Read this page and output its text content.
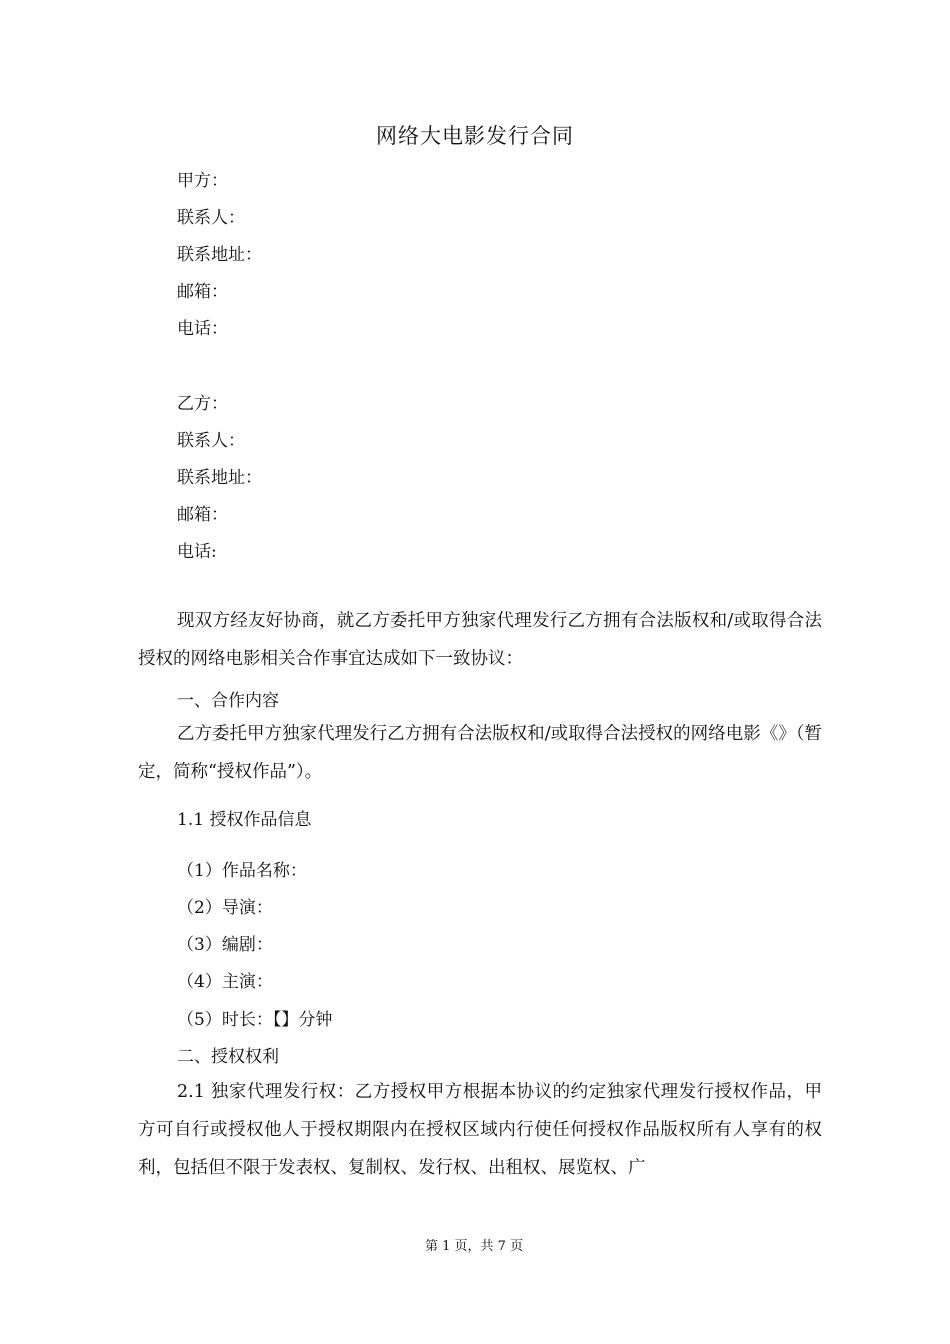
网络大电影发行合同
甲方：
联系人：
联系地址：
邮箱：
电话：
乙方：
联系人：
联系地址：
邮箱：
电话:
现双方经友好协商，就乙方委托甲方独家代理发行乙方拥有合法版权和/或取得合法授权的网络电影相关合作事宜达成如下一致协议：
一、合作内容
乙方委托甲方独家代理发行乙方拥有合法版权和/或取得合法授权的网络电影《》（暂定，简称“授权作品”）。
1.1 授权作品信息
（1）作品名称：
（2）导演：
（3）编剧：
（4）主演：
（5）时长：【】分钟
二、授权权利
2.1 独家代理发行权：乙方授权甲方根据本协议的约定独家代理发行授权作品，甲方可自行或授权他人于授权期限内在授权区域内行使任何授权作品版权所有人享有的权利，包括但不限于发表权、复制权、发行权、出租权、展览权、广
第 1 页，共 7 页
